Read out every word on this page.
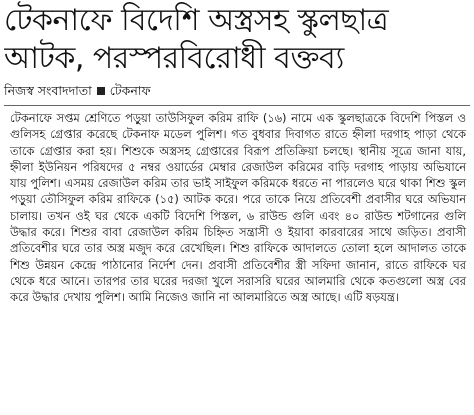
টেকনাফে বিদেশি অস্ত্রসহ স্কুলছাত্র
আটক, পরস্পরবিরোধী বক্তব্য
নিজস্ব সংবাদদাতা টেকনাফ

টেকনাফে সপ্তম শ্রেণিতে পড়ুয়া তাউসিফুল করিম রাফি (১৬) নামে এক স্কুলছাত্রকে বিদেশি পিস্তল ও গুলিসহ গ্রেপ্তার করেছে টেকনাফ মডেল পুলিশ। গত বুধবার দিবাগত রাতে হ্নীলা দরগাহ পাড়া থেকে তাকে গ্রেপ্তার করা হয়। শিশুকে অস্ত্রসহ গ্রেপ্তারের বিরূপ প্রতিক্রিয়া চলছে। স্থানীয় সূত্রে জানা যায়, হ্নীলা ইউনিয়ন পরিষদের ৫ নম্বর ওয়ার্ডের মেম্বার রেজাউল করিমের বাড়ি দরগাহ পাড়ায় অভিযানে যায় পুলিশ। এসময় রেজাউল করিম তার ভাই সাইফুল করিমকে ধরতে না পারলেও ঘরে থাকা শিশু স্কুল পড়ুয়া তৌসিফুল করিম রাফিকে (১৫) আটক করে। পরে তাকে নিয়ে প্রতিবেশী প্রবাসীর ঘরে অভিযান চালায়। তখন ওই ঘর থেকে একটি বিদেশি পিস্তল, ৬ রাউন্ড গুলি এবং ৪০ রাউন্ড শটগানের গুলি উদ্ধার করে। শিশুর বাবা রেজাউল করিম চিহ্নিত সন্ত্রাসী ও ইয়াবা কারবারের সাথে জড়িত। প্রবাসী প্রতিবেশীর ঘরে তার অস্ত্র মজুদ করে রেখেছিল। শিশু রাফিকে আদালতে তোলা হলে আদালত তাকে শিশু উন্নয়ন কেন্দ্রে পাঠানোর নির্দেশ দেন। প্রবাসী প্রতিবেশীর স্ত্রী সফিদা জানান, রাতে রাফিকে ঘর থেকে ধরে আনে। তারপর তার ঘরের দরজা খুলে সরাসরি ঘরের আলমারি থেকে কতগুলো অস্ত্র বের করে উদ্ধার দেখায় পুলিশ। আমি নিজেও জানি না আলমারিতে অস্ত্র আছে। এটি ষড়যন্ত্র।
